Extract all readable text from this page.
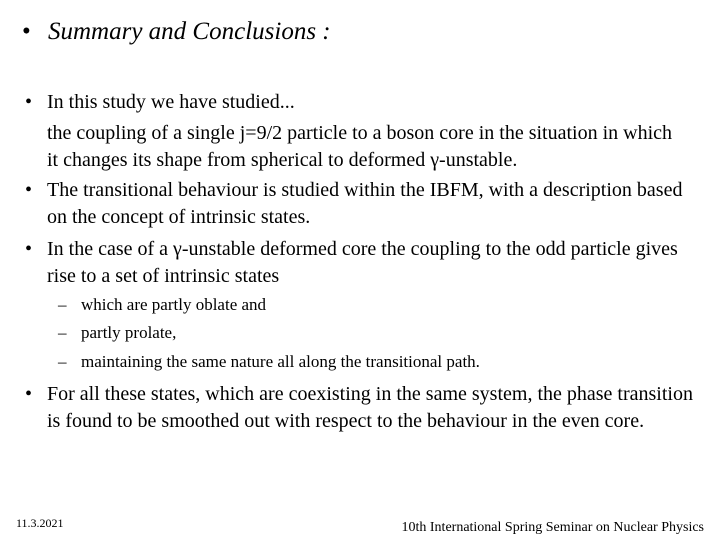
• Summary and Conclusions :
• In this study we have studied...
the coupling of a single j=9/2 particle to a boson core in the situation in which it changes its shape from spherical to deformed γ-unstable.
• The transitional behaviour is studied within the IBFM, with a description based on the concept of intrinsic states.
• In the case of a γ-unstable deformed core the coupling to the odd particle gives rise to a set of intrinsic states
– which are partly oblate and
– partly prolate,
– maintaining the same nature all along the transitional path.
• For all these states, which are coexisting in the same system, the phase transition is found to be smoothed out with respect to the behaviour in the even core.
11.3.2021	10th International Spring Seminar on Nuclear Physics
